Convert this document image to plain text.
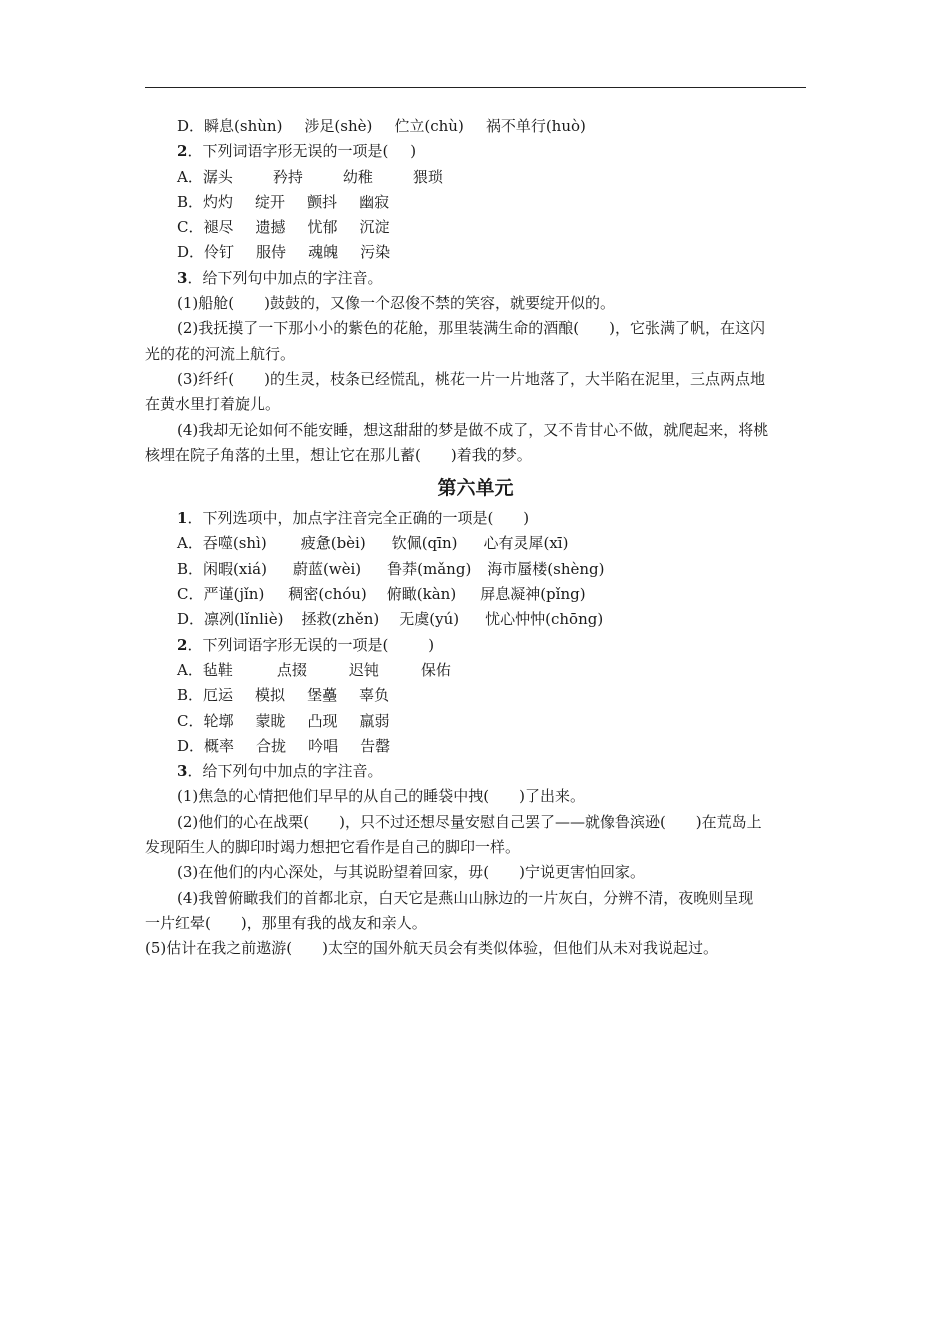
D．瞬息(shùn) 涉足(shè) 伫立(chù) 祸不单行(huò)
2．下列词语字形无误的一项是( )
A．潺头	矜持	幼稚	猥琐
B．灼灼 绽开 颤抖 幽寂
C．褪尽 遗撼 忧郁 沉淀
D．伶钉 服侍 魂魄 污染
3．给下列句中加点的字注音。
(1)船舱(　　)鼓鼓的，又像一个忍俊不禁的笑容，就要绽开似的。
(2)我抚摸了一下那小小的紫色的花舱，那里装满生命的酒酿(　　)，它张满了帆，在这闪
光的花的河流上航行。
(3)纤纤(　　)的生灵，枝条已经慌乱，桃花一片一片地落了，大半陷在泥里，三点两点地
在黄水里打着旋儿。
(4)我却无论如何不能安睡，想这甜甜的梦是做不成了，又不肯甘心不做，就爬起来，将桃
核埋在院子角落的土里，想让它在那儿蓄(　　)着我的梦。
第六单元
1．下列选项中，加点字注音完全正确的一项是(　　)
A．吞噬(shì) 疲惫(bèi) 钦佩(qīn) 心有灵犀(xī)
B．闲暇(xiá) 蔚蓝(wèi) 鲁莽(mǎng) 海市蜃楼(shèng)
C．严谨(jǐn) 稠密(chóu) 俯瞰(kàn) 屏息凝神(pǐng)
D．凛冽(lǐnliè) 拯救(zhěn) 无虞(yú) 忧心忡忡(chōng)
2．下列词语字形无误的一项是(	)
A．毡鞋	点掇	迟钝	保佑
B．厄运 模拟 堡蘲 辜负
C．轮墎 蒙眬 凸现 羸弱
D．概率 合拢 吟唱 告罄
3．给下列句中加点的字注音。
(1)焦急的心情把他们早早的从自己的睡袋中拽(　　)了出来。
(2)他们的心在战栗(　　)，只不过还想尽量安慰自己罢了——就像鲁滨逊(　　)在荒岛上
发现陌生人的脚印时竭力想把它看作是自己的脚印一样。
(3)在他们的内心深处，与其说盼望着回家，毋(　　)宁说更害怕回家。
(4)我曾俯瞰我们的首都北京，白天它是燕山山脉边的一片灰白，分辨不清，夜晚则呈现
一片红晕(　　)，那里有我的战友和亲人。
(5)估计在我之前遨游(　　)太空的国外航天员会有类似体验，但他们从未对我说起过。
